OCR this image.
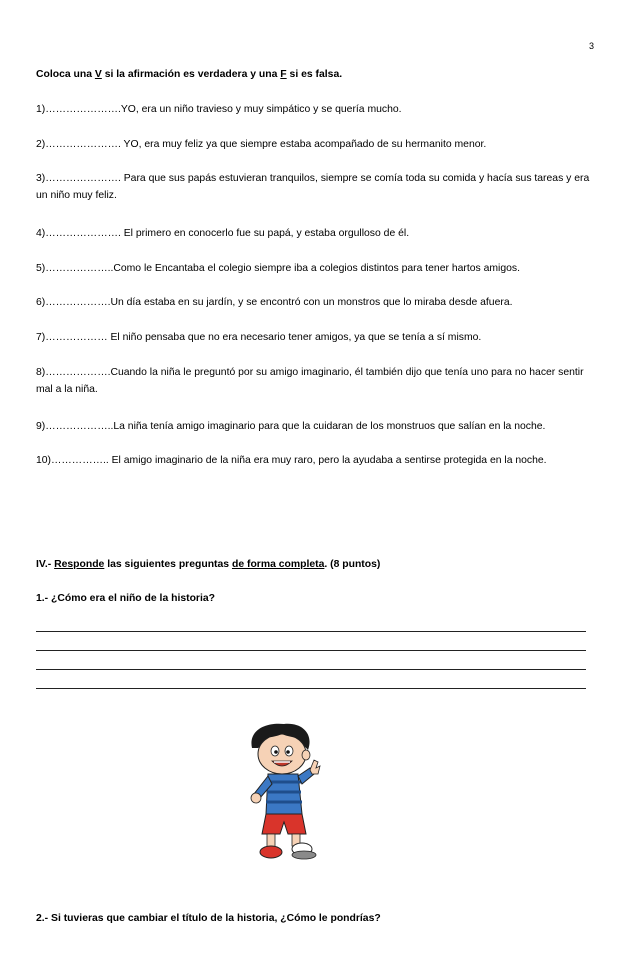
3
Coloca una V si la afirmación es verdadera y una F si es falsa.
1)………………….YO, era un niño travieso y muy simpático y se quería mucho.
2)…………………. YO, era muy feliz ya que siempre estaba acompañado de su hermanito menor.
3)…………………. Para que sus papás estuvieran tranquilos, siempre se comía toda su comida y hacía sus tareas y era un niño muy feliz.
4)…………………. El primero en conocerlo fue su papá, y estaba orgulloso de él.
5)………………..Como le Encantaba el colegio siempre iba a colegios distintos para tener hartos amigos.
6)……………….Un día estaba en su jardín, y se encontró con un monstros que lo miraba desde afuera.
7)……………… El niño pensaba que no era necesario tener amigos, ya que se tenía a sí mismo.
8)……………….Cuando la niña le preguntó por su amigo imaginario, él también dijo que tenía uno para no hacer sentir mal a la niña.
9)………………..La niña tenía amigo imaginario para que la cuidaran de los monstruos que salían en la noche.
10)…………….. El amigo imaginario de la niña era muy raro, pero la ayudaba a sentirse protegida en la noche.
IV.- Responde las siguientes preguntas de forma completa. (8 puntos)
1.- ¿Cómo era el niño de la historia?
2.- Si tuvieras que cambiar el título de la historia, ¿Cómo le pondrías?
